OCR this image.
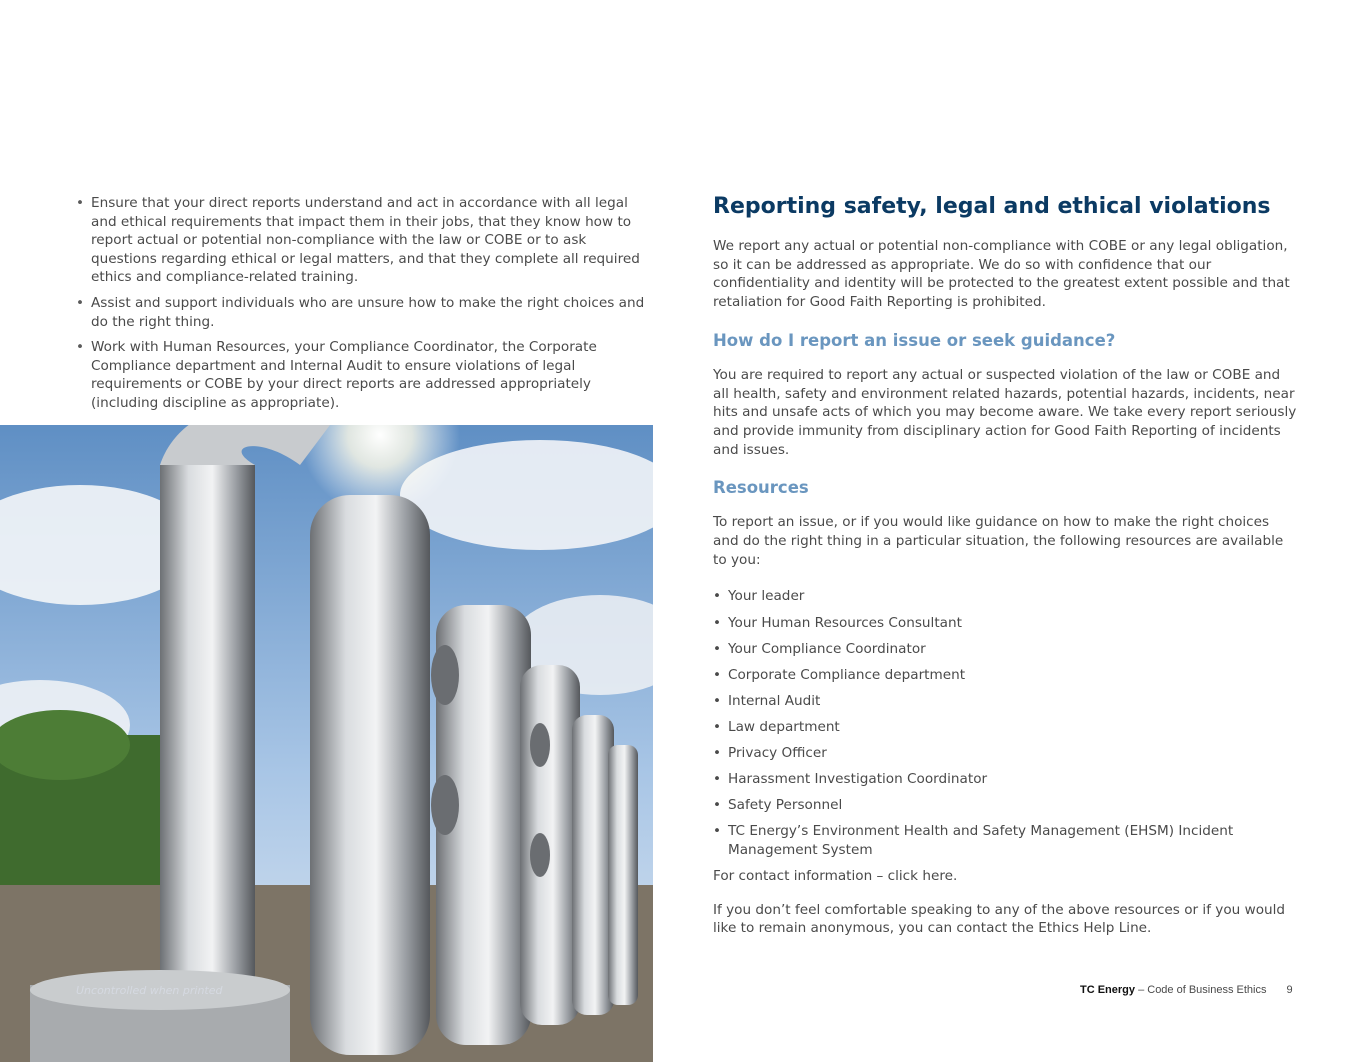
• Ensure that your direct reports understand and act in accordance with all legal and ethical requirements that impact them in their jobs, that they know how to report actual or potential non-compliance with the law or COBE or to ask questions regarding ethical or legal matters, and that they complete all required ethics and compliance-related training.
• Assist and support individuals who are unsure how to make the right choices and do the right thing.
• Work with Human Resources, your Compliance Coordinator, the Corporate Compliance department and Internal Audit to ensure violations of legal requirements or COBE by your direct reports are addressed appropriately (including discipline as appropriate).
Uncontrolled when printed
Reporting safety, legal and ethical violations

We report any actual or potential non-compliance with COBE or any legal obligation, so it can be addressed as appropriate. We do so with confidence that our confidentiality and identity will be protected to the greatest extent possible and that retaliation for Good Faith Reporting is prohibited.

How do I report an issue or seek guidance?

You are required to report any actual or suspected violation of the law or COBE and all health, safety and environment related hazards, potential hazards, incidents, near hits and unsafe acts of which you may become aware. We take every report seriously and provide immunity from disciplinary action for Good Faith Reporting of incidents and issues.

Resources

To report an issue, or if you would like guidance on how to make the right choices and do the right thing in a particular situation, the following resources are available to you:

• Your leader
• Your Human Resources Consultant
• Your Compliance Coordinator
• Corporate Compliance department
• Internal Audit
• Law department
• Privacy Officer
• Harassment Investigation Coordinator
• Safety Personnel
• TC Energy’s Environment Health and Safety Management (EHSM) Incident Management System

For contact information – click here.

If you don’t feel comfortable speaking to any of the above resources or if you would like to remain anonymous, you can contact the Ethics Help Line.

TC Energy – Code of Business Ethics 9
